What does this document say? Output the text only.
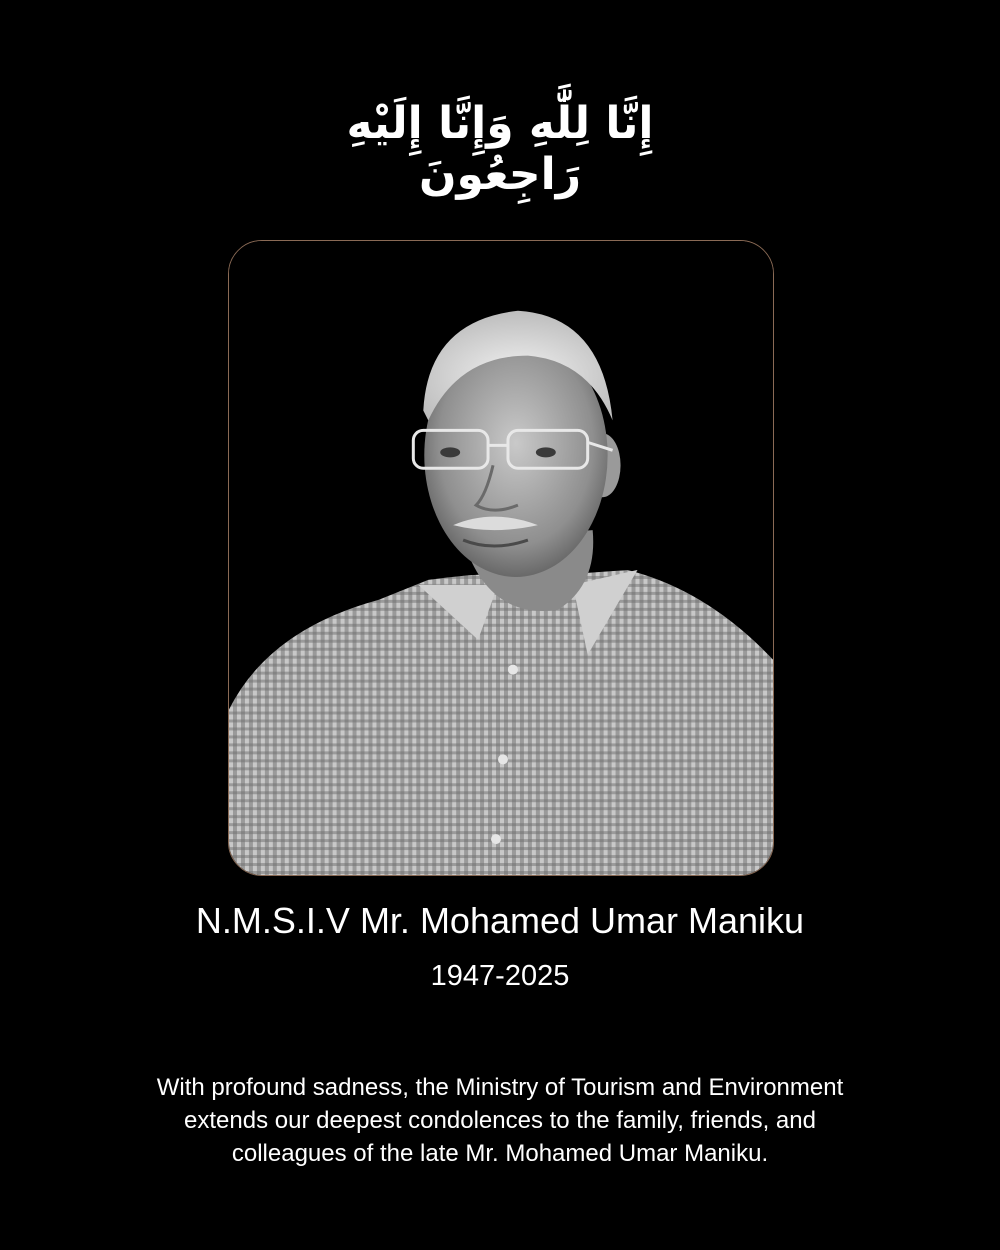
إِنَّا لِلَّٰهِ وَإِنَّا إِلَيْهِ رَاجِعُونَ
N.M.S.I.V Mr. Mohamed Umar Maniku
1947-2025
With profound sadness, the Ministry of Tourism and Environment
extends our deepest condolences to the family, friends, and
colleagues of the late Mr. Mohamed Umar Maniku.
